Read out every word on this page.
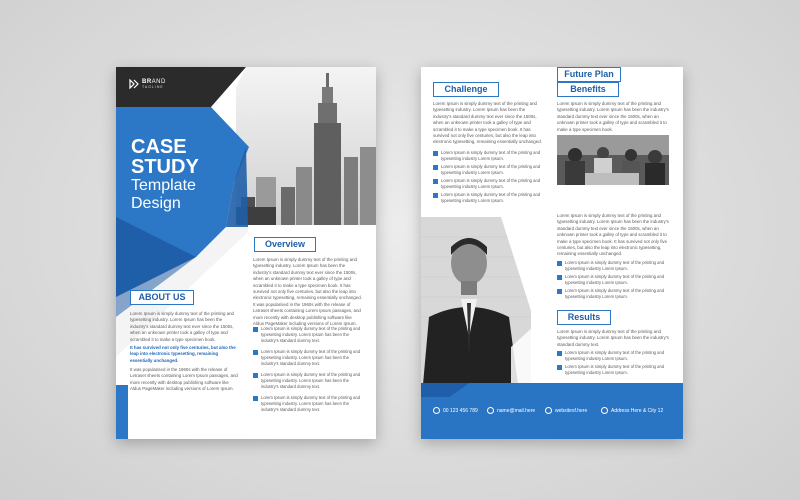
BRAND
TAGLINE
CASE
STUDY
Template
Design
Overview
Lorem Ipsum is simply dummy text of the printing and typesetting industry. Lorem Ipsum has been the industry's standard dummy text ever since the 1500s, when an unknown printer took a galley of type and scrambled it to make a type specimen book. It has survived not only five centuries, but also the leap into electronic typesetting, remaining essentially unchanged. It was popularised in the 1960s with the release of Letraset sheets containing Lorem Ipsum passages, and more recently with desktop publishing software like Aldus PageMaker including versions of Lorem Ipsum.
Lorem Ipsum is simply dummy text of the printing and typesetting industry. Lorem Ipsum has been the industry's standard dummy text.
Lorem Ipsum is simply dummy text of the printing and typesetting industry. Lorem Ipsum has been the industry's standard dummy text.
Lorem Ipsum is simply dummy text of the printing and typesetting industry. Lorem Ipsum has been the industry's standard dummy text.
Lorem Ipsum is simply dummy text of the printing and typesetting industry. Lorem Ipsum has been the industry's standard dummy text.
ABOUT US
Lorem Ipsum is simply dummy text of the printing and typesetting industry. Lorem Ipsum has been the industry's standard dummy text ever since the 1500s, when an unknown printer took a galley of type and scrambled it to make a type specimen book.
It has survived not only five centuries, but also the leap into electronic typesetting, remaining essentially unchanged.
It was popularised in the 1960s with the release of Letraset sheets containing Lorem Ipsum passages, and more recently with desktop publishing software like Aldus PageMaker including versions of Lorem Ipsum.
Challenge
Lorem Ipsum is simply dummy text of the printing and typesetting industry. Lorem Ipsum has been the industry's standard dummy text ever since the 1500s, when an unknown printer took a galley of type and scrambled it to make a type specimen book. It has survived not only five centuries, but also the leap into electronic typesetting, remaining essentially unchanged.
Lorem Ipsum is simply dummy text of the printing and typesetting industry Lorem Ipsum.
Lorem Ipsum is simply dummy text of the printing and typesetting industry Lorem Ipsum.
Lorem Ipsum is simply dummy text of the printing and typesetting industry Lorem Ipsum.
Lorem Ipsum is simply dummy text of the printing and typesetting industry Lorem Ipsum.
Benefits
Lorem Ipsum is simply dummy text of the printing and typesetting industry. Lorem Ipsum has been the industry's standard dummy text ever since the 1500s, when an unknown printer took a galley of type and scrambled it to make a type specimen book.
Future Plan
Lorem Ipsum is simply dummy text of the printing and typesetting industry. Lorem Ipsum has been the industry's standard dummy text ever since the 1500s, when an unknown printer took a galley of type and scrambled it to make a type specimen book. It has survived not only five centuries, but also the leap into electronic typesetting, remaining essentially unchanged.
Lorem Ipsum is simply dummy text of the printing and typesetting industry Lorem Ipsum.
Lorem Ipsum is simply dummy text of the printing and typesetting industry Lorem Ipsum.
Lorem Ipsum is simply dummy text of the printing and typesetting industry Lorem Ipsum.
Results
Lorem Ipsum is simply dummy text of the printing and typesetting industry. Lorem Ipsum has been the industry's standard dummy text.
Lorem Ipsum is simply dummy text of the printing and typesetting industry Lorem Ipsum.
Lorem Ipsum is simply dummy text of the printing and typesetting industry Lorem Ipsum.
00 123 456 789	name@mail.here	websitesf.here	Address Here & City 12
